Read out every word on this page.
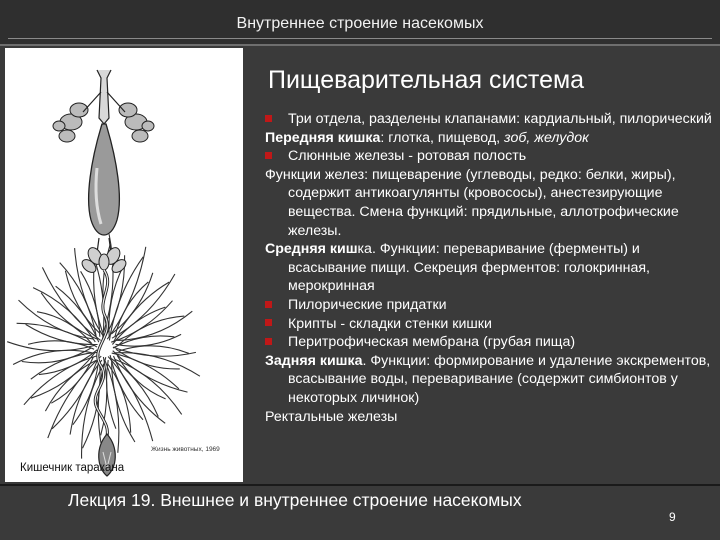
Внутреннее строение насекомых
Жизнь животных, 1969
Кишечник таракана
Пищеварительная система

Три отдела, разделены клапанами: кардиальный, пилорический

Передняя кишка: глотка, пищевод, зоб, желудок

Слюнные железы - ротовая полость

Функции желез: пищеварение (углеводы, редко: белки, жиры), содержит антикоагулянты (кровососы), анестезирующие вещества. Смена функций: прядильные, аллотрофические железы.

Средняя кишка. Функции: переваривание (ферменты) и всасывание пищи. Секреция ферментов: голокринная, мерокринная

Пилорические придатки

Крипты - складки стенки кишки

Перитрофическая мембрана (грубая пища)

Задняя кишка. Функции: формирование и удаление экскрементов, всасывание воды, переваривание (содержит симбионтов у некоторых личинок)

Ректальные железы

Лекция 19. Внешнее и внутреннее строение насекомых
9
